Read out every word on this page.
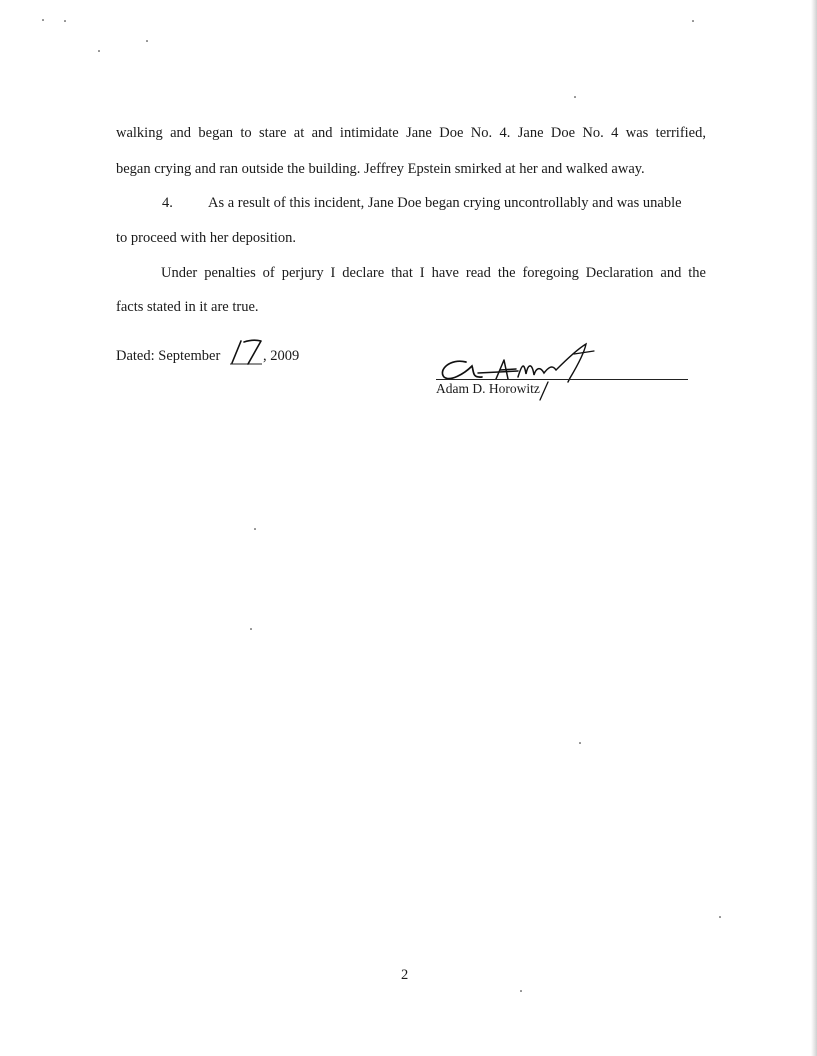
walking and began to stare at and intimidate Jane Doe No. 4. Jane Doe No. 4 was terrified,
began crying and ran outside the building. Jeffrey Epstein smirked at her and walked away.
4. As a result of this incident, Jane Doe began crying uncontrollably and was unable
to proceed with her deposition.
Under penalties of perjury I declare that I have read the foregoing Declaration and the
facts stated in it are true.
Dated: September	, 2009
Adam D. Horowitz
2
